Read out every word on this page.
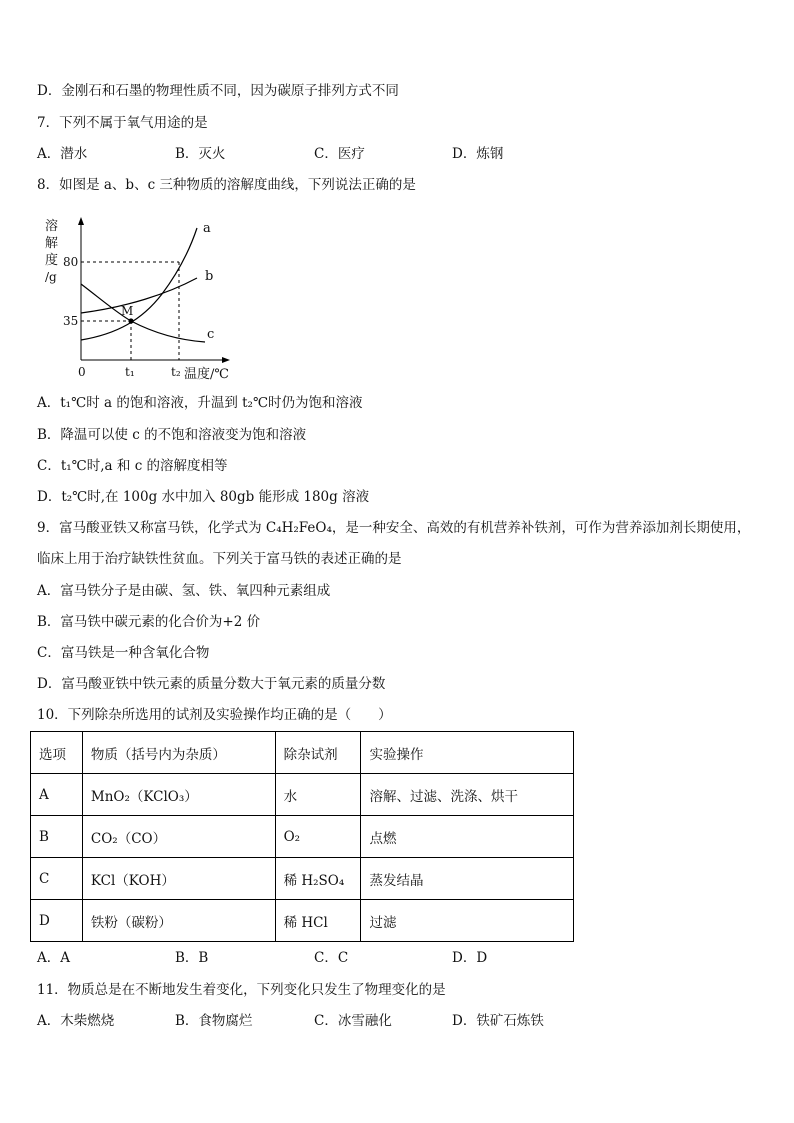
D．金刚石和石墨的物理性质不同，因为碳原子排列方式不同
7．下列不属于氧气用途的是
A．潜水	B．灭火	C．医疗	D．炼钢
8．如图是 a、b、c 三种物质的溶解度曲线，下列说法正确的是
溶
解
度
/g
80
35
0	t₁	t₂ 温度/℃
a
b
c
M
A．t₁℃时 a 的饱和溶液，升温到 t₂℃时仍为饱和溶液
B．降温可以使 c 的不饱和溶液变为饱和溶液
C．t₁℃时,a 和 c 的溶解度相等
D．t₂℃时,在 100g 水中加入 80gb 能形成 180g 溶液
9．富马酸亚铁又称富马铁，化学式为 C₄H₂FeO₄，是一种安全、高效的有机营养补铁剂，可作为营养添加剂长期使用，
临床上用于治疗缺铁性贫血。下列关于富马铁的表述正确的是
A．富马铁分子是由碳、氢、铁、氧四种元素组成
B．富马铁中碳元素的化合价为+2 价
C．富马铁是一种含氧化合物
D．富马酸亚铁中铁元素的质量分数大于氧元素的质量分数
10．下列除杂所选用的试剂及实验操作均正确的是（　　）
选项	物质（括号内为杂质）	除杂试剂	实验操作
A	MnO₂（KClO₃）	水	溶解、过滤、洗涤、烘干
B	CO₂（CO）	O₂	点燃
C	KCl（KOH）	稀 H₂SO₄	蒸发结晶
D	铁粉（碳粉）	稀 HCl	过滤
A．A	B．B	C．C	D．D
11．物质总是在不断地发生着变化，下列变化只发生了物理变化的是
A．木柴燃烧	B．食物腐烂	C．冰雪融化	D．铁矿石炼铁
